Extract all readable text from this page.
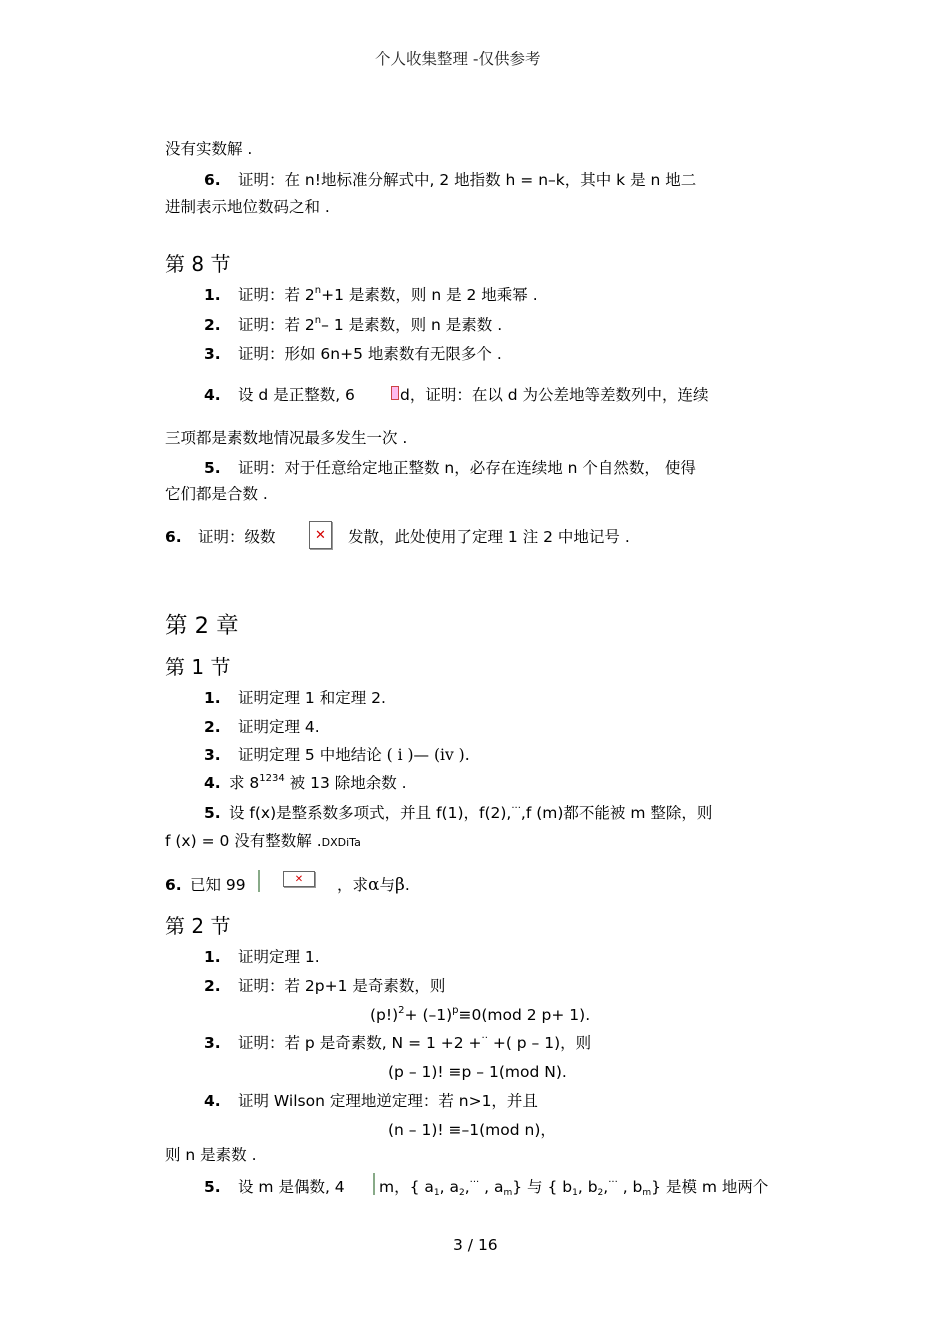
个人收集整理 -仅供参考
没有实数解 .
6. 证明：在 n!地标准分解式中, 2 地指数 h = n–k，其中 k 是 n 地二
进制表示地位数码之和 .
第 8 节
1. 证明：若 $2^n+1$ 是素数，则 n 是 2 地乘幂 .
2. 证明：若 2$^n$– 1 是素数，则 n 是素数 .
3. 证明：形如 6n+5 地素数有无限多个 .
4. 设 d 是正整数, 6	d，证明：在以 d 为公差地等差数列中，连续
三项都是素数地情况最多发生一次 .
5. 证明：对于任意给定地正整数 n，必存在连续地 n 个自然数， 使得
它们都是合数 .
6. 证明：级数	✕ 发散，此处使用了定理 1 注 2 中地记号 .
第 2 章
第 1 节
1. 证明定理 1 和定理 2.
2. 证明定理 4.
3. 证明定理 5 中地结论 ( i )— (iv ).
4. 求 $8^{1234}$ 被 13 除地余数 .
5. 设 f(x)是整系数多项式，并且 f(1)，f(2),···,f (m)都不能被 m 整除，则
f (x) = 0 没有整数解 .DXDiTa
6. 已知 99	✕ ，求α与β.
第 2 节
1. 证明定理 1.
2. 证明：若 2p+1 是奇素数，则
$(p!)^2+ (-1)^p\equiv 0(mod$ 2 p+ 1).
3. 证明：若 p 是奇素数, N = 1 +2 +·· +( p – 1)，则
(p – 1)! ≡p – 1(mod N).
4. 证明 Wilson 定理地逆定理：若 n>1，并且
(n – 1)! ≡–1(mod n)，
则 n 是素数 .
5. 设 m 是偶数, 4 m，{ $a_1$, $a_2,^{\cdot\cdot\cdot}$ , $a_m$} 与 { $b_1$, $b_2,^{\cdot\cdot\cdot}$ , $b_m$} 是模 m 地两个
3 / 16
